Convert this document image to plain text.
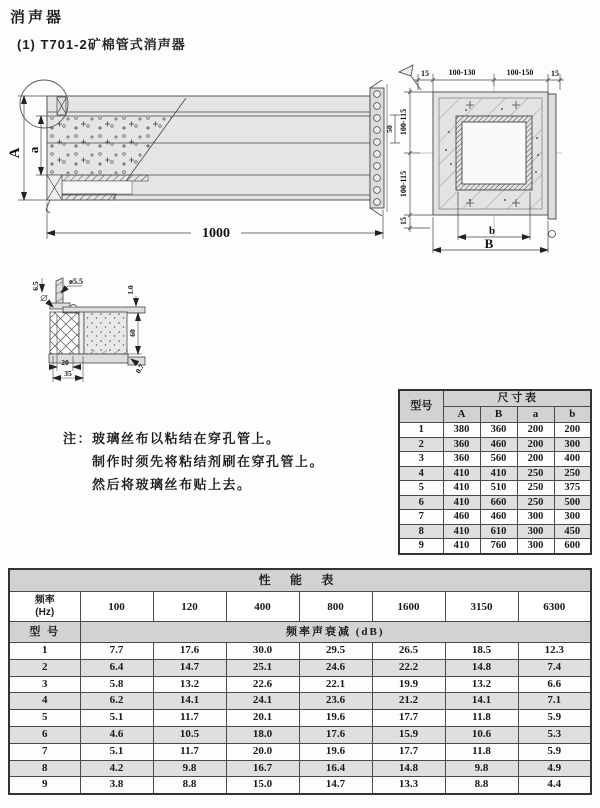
消声器
(1) T701-2矿棉管式消声器
1000
A a
50
15 100-130	100-150 15
100-115
100-115
15
b
B
6.5	ø5.5
1.0
60
0.7
20
35
注： 玻璃丝布以粘结在穿孔管上。
制作时须先将粘结剂刷在穿孔管上。
然后将玻璃丝布贴上去。
型号	尺 寸 表			
	A	B	a	b
1	380	360	200	200
2	360	460	200	300
3	360	560	200	400
4	410	410	250	250
5	410	510	250	375
6	410	660	250	500
7	460	460	300	300
8	410	610	300	450
9	410	760	300	600
性 能 表							

频率
(Hz)	100	120	400	800	1600	3150	6300
型 号	频率声衰减 (dB)						
1	7.7	17.6	30.0	29.5	26.5	18.5	12.3
2	6.4	14.7	25.1	24.6	22.2	14.8	7.4
3	5.8	13.2	22.6	22.1	19.9	13.2	6.6
4	6.2	14.1	24.1	23.6	21.2	14.1	7.1
5	5.1	11.7	20.1	19.6	17.7	11.8	5.9
6	4.6	10.5	18.0	17.6	15.9	10.6	5.3
7	5.1	11.7	20.0	19.6	17.7	11.8	5.9
8	4.2	9.8	16.7	16.4	14.8	9.8	4.9
9	3.8	8.8	15.0	14.7	13.3	8.8	4.4
